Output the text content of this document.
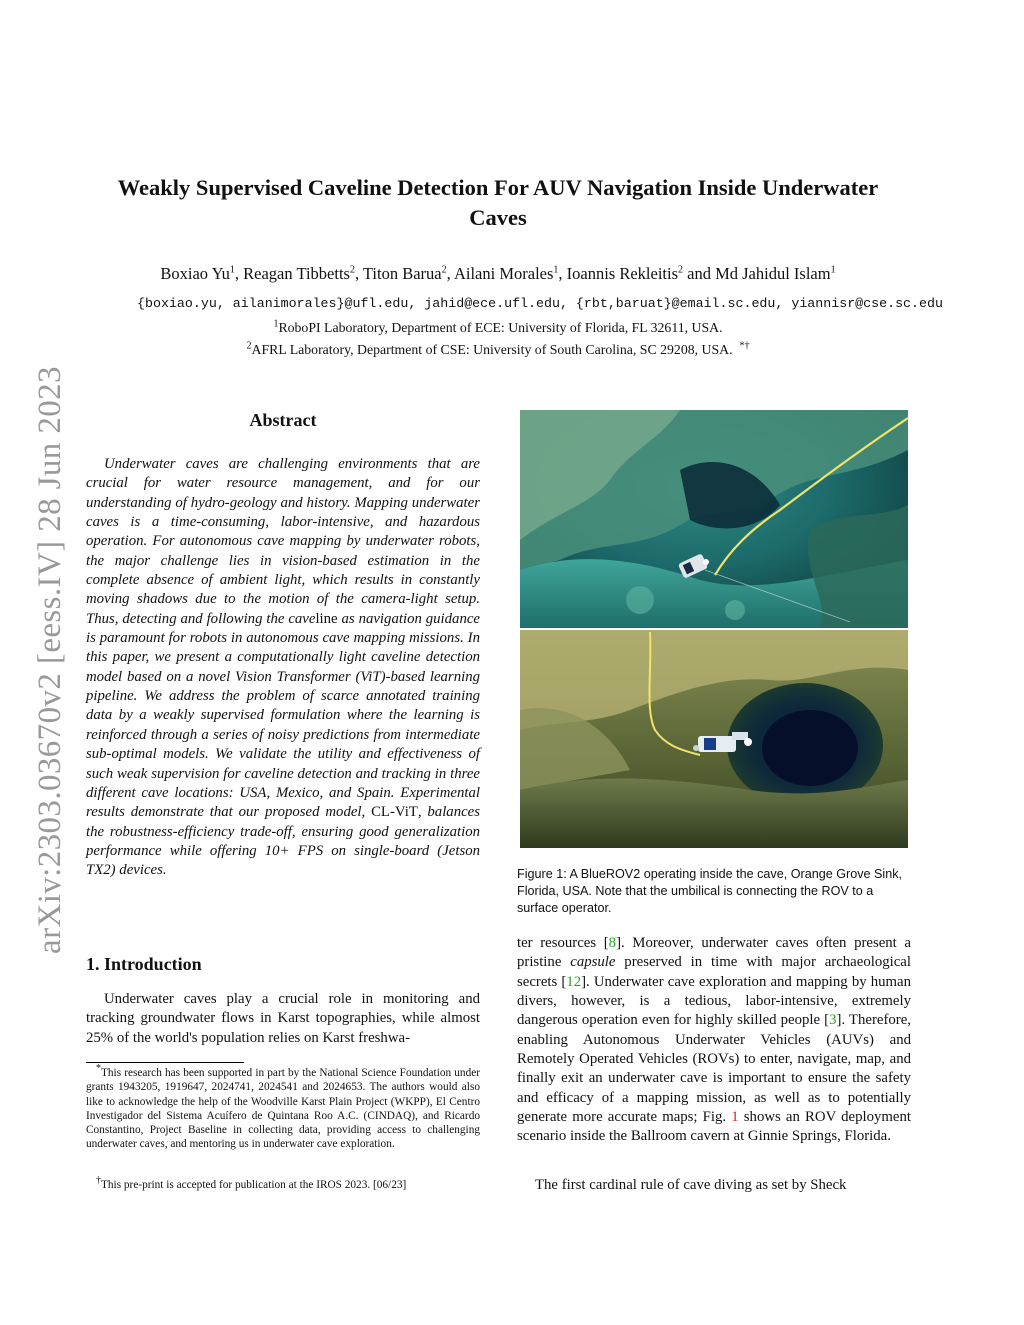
Weakly Supervised Caveline Detection For AUV Navigation Inside Underwater Caves
Boxiao Yu$^1$, Reagan Tibbetts$^2$, Titon Barua$^2$, Ailani Morales$^1$, Ioannis Rekleitis$^2$ and Md Jahidul Islam$^1$
{boxiao.yu, ailanimorales}@ufl.edu, jahid@ece.ufl.edu, {rbt,baruat}@email.sc.edu, yiannisr@cse.sc.edu
$^1$RoboPI Laboratory, Department of ECE: University of Florida, FL 32611, USA.
$^2$AFRL Laboratory, Department of CSE: University of South Carolina, SC 29208, USA. *†
arXiv:2303.03670v2 [eess.IV] 28 Jun 2023	Abstract

Underwater caves are challenging environments that are crucial for water resource management, and for our understanding of hydro-geology and history. Mapping underwater caves is a time-consuming, labor-intensive, and hazardous operation. For autonomous cave mapping by underwater robots, the major challenge lies in vision-based estimation in the complete absence of ambient light, which results in constantly moving shadows due to the motion of the camera-light setup. Thus, detecting and following the caveline as navigation guidance is paramount for robots in autonomous cave mapping missions. In this paper, we present a computationally light caveline detection model based on a novel Vision Transformer (ViT)-based learning pipeline. We address the problem of scarce annotated training data by a weakly supervised formulation where the learning is reinforced through a series of noisy predictions from intermediate sub-optimal models. We validate the utility and effectiveness of such weak supervision for caveline detection and tracking in three different cave locations: USA, Mexico, and Spain. Experimental results demonstrate that our proposed model, CL-ViT, balances the robustness-efficiency trade-off, ensuring good generalization performance while offering 10+ FPS on single-board (Jetson TX2) devices.

1. Introduction

Underwater caves play a crucial role in monitoring and tracking groundwater flows in Karst topographies, while almost 25% of the world's population relies on Karst freshwa-

*This research has been supported in part by the National Science Foundation under grants 1943205, 1919647, 2024741, 2024541 and 2024653. The authors would also like to acknowledge the help of the Woodville Karst Plain Project (WKPP), El Centro Investigador del Sistema Acuífero de Quintana Roo A.C. (CINDAQ), and Ricardo Constantino, Project Baseline in collecting data, providing access to challenging underwater caves, and mentoring us in underwater cave exploration.

†This pre-print is accepted for publication at the IROS 2023. [06/23]

Figure 1: A BlueROV2 operating inside the cave, Orange Grove Sink, Florida, USA. Note that the umbilical is connecting the ROV to a surface operator.

ter resources [8]. Moreover, underwater caves often present a pristine capsule preserved in time with major archaeological secrets [12]. Underwater cave exploration and mapping by human divers, however, is a tedious, labor-intensive, extremely dangerous operation even for highly skilled people [3]. Therefore, enabling Autonomous Underwater Vehicles (AUVs) and Remotely Operated Vehicles (ROVs) to enter, navigate, map, and finally exit an underwater cave is important to ensure the safety and efficacy of a mapping mission, as well as to potentially generate more accurate maps; Fig. 1 shows an ROV deployment scenario inside the Ballroom cavern at Ginnie Springs, Florida.

The first cardinal rule of cave diving as set by Sheck
